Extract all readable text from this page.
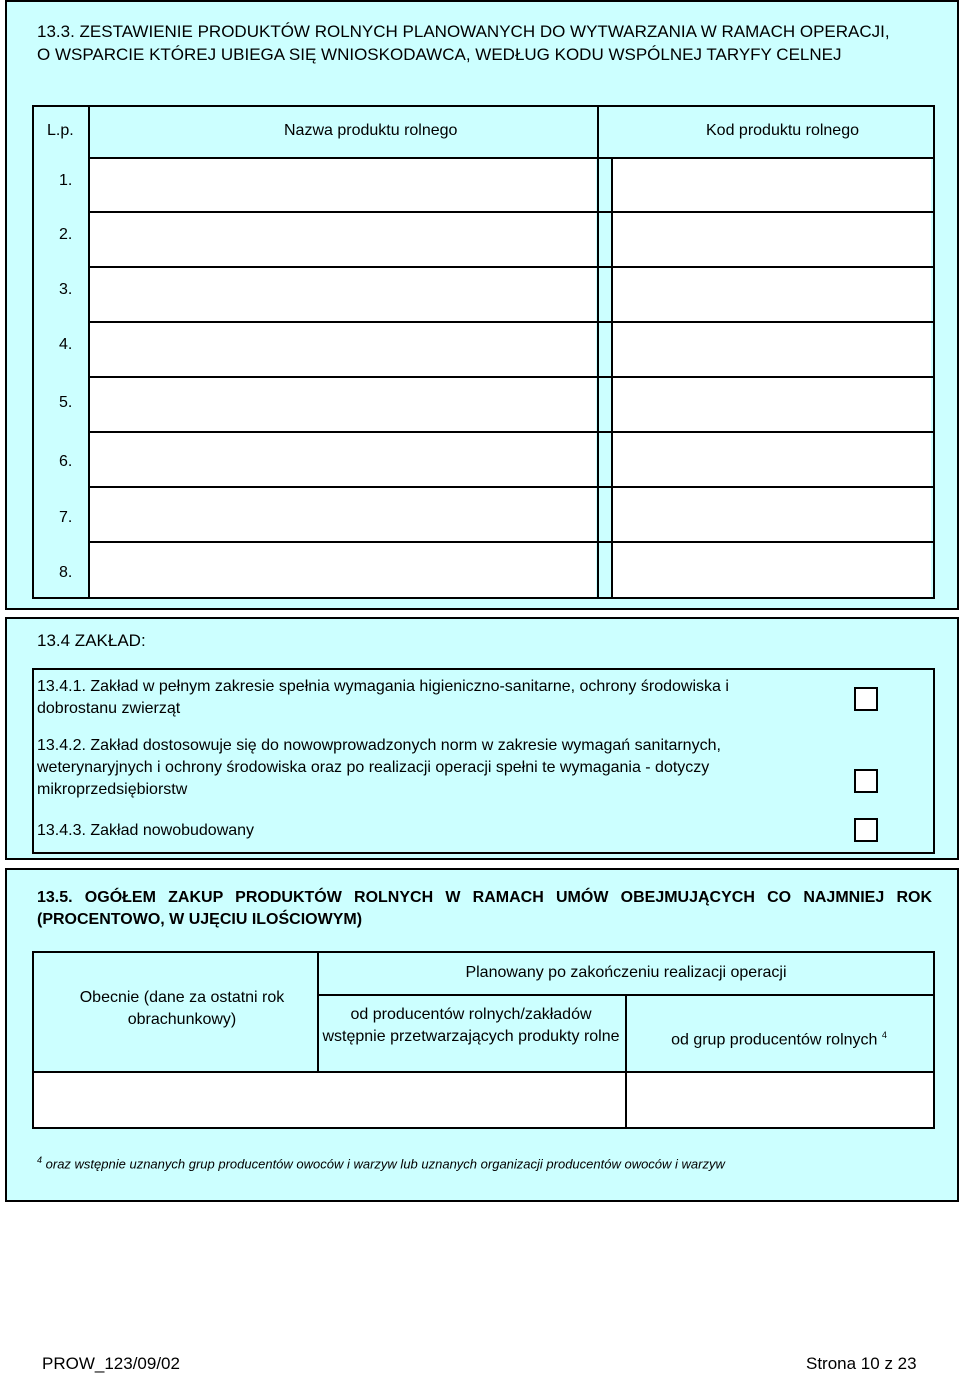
13.3. ZESTAWIENIE PRODUKTÓW ROLNYCH PLANOWANYCH DO WYTWARZANIA W RAMACH OPERACJI, O WSPARCIE KTÓREJ UBIEGA SIĘ WNIOSKODAWCA, WEDŁUG KODU WSPÓLNEJ TARYFY CELNEJ
L.p.	Nazwa produktu rolnego	Kod produktu rolnego
1.
2.
3.
4.
5.
6.
7.
8.
13.4 ZAKŁAD:
13.4.1. Zakład w pełnym zakresie spełnia wymagania higieniczno-sanitarne, ochrony środowiska i dobrostanu zwierząt
13.4.2. Zakład dostosowuje się do nowowprowadzonych norm w zakresie wymagań sanitarnych, weterynaryjnych i ochrony środowiska oraz po realizacji operacji spełni te wymagania - dotyczy mikroprzedsiębiorstw
13.4.3. Zakład nowobudowany
13.5. OGÓŁEM ZAKUP PRODUKTÓW ROLNYCH W RAMACH UMÓW OBEJMUJĄCYCH CO NAJMNIEJ ROK (PROCENTOWO, W UJĘCIU ILOŚCIOWYM)
Obecnie (dane za ostatni rok obrachunkowy)
Planowany po zakończeniu realizacji operacji
od producentów rolnych/zakładów wstępnie przetwarzających produkty rolne	od grup producentów rolnych $^4$
$^4$ oraz wstępnie uznanych grup producentów owoców i warzyw lub uznanych organizacji producentów owoców i warzyw
PROW_123/09/02	Strona 10 z 23
